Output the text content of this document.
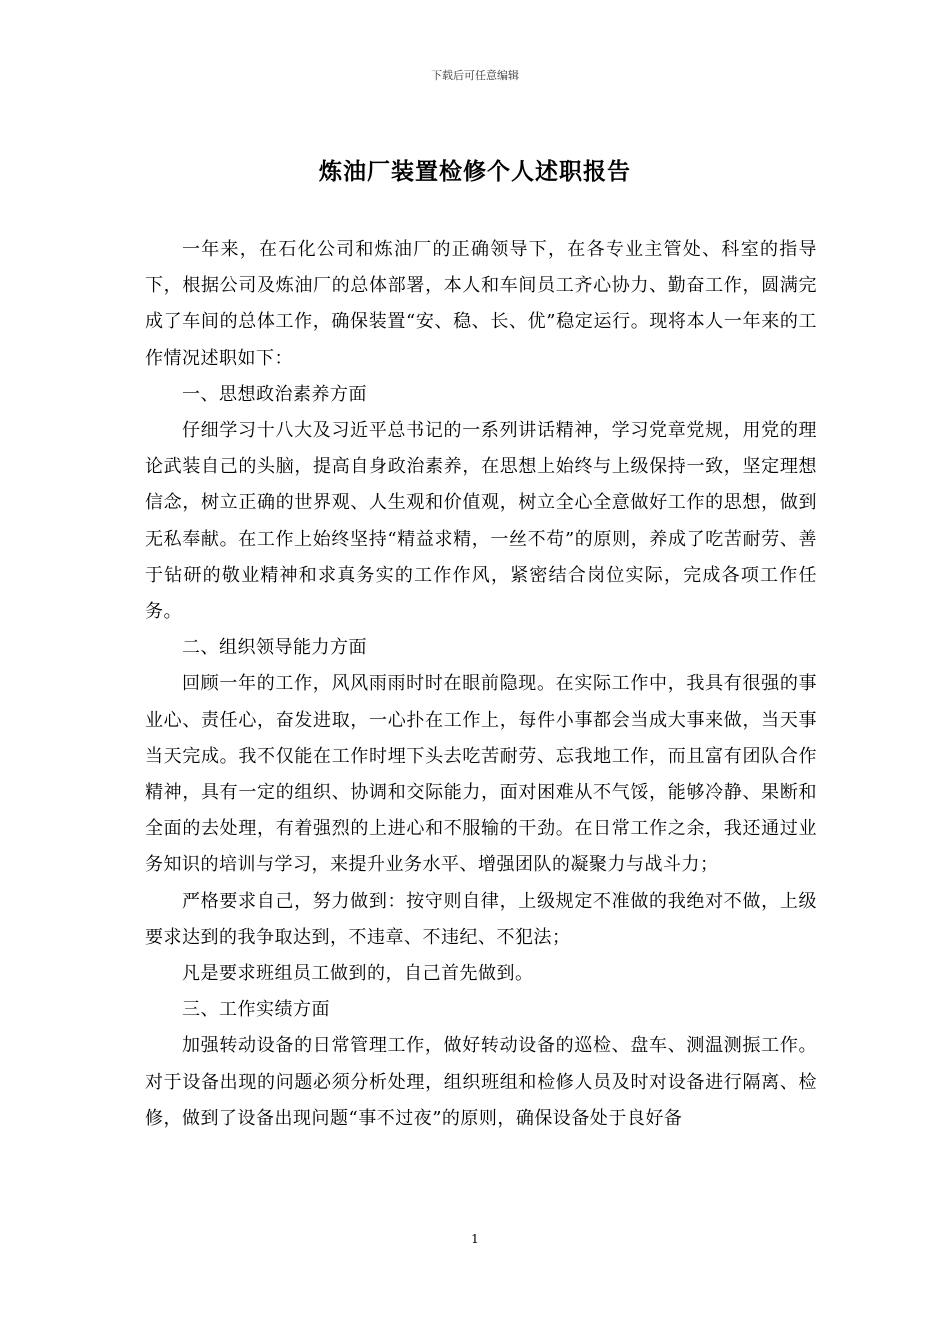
下载后可任意编辑
炼油厂装置检修个人述职报告

一年来，在石化公司和炼油厂的正确领导下，在各专业主管处、科室的指导下，根据公司及炼油厂的总体部署，本人和车间员工齐心协力、勤奋工作，圆满完成了车间的总体工作，确保装置“安、稳、长、优”稳定运行。现将本人一年来的工作情况述职如下：

一、思想政治素养方面

仔细学习十八大及习近平总书记的一系列讲话精神，学习党章党规，用党的理论武装自己的头脑，提高自身政治素养，在思想上始终与上级保持一致，坚定理想信念，树立正确的世界观、人生观和价值观，树立全心全意做好工作的思想，做到无私奉献。在工作上始终坚持“精益求精，一丝不苟”的原则，养成了吃苦耐劳、善于钻研的敬业精神和求真务实的工作作风，紧密结合岗位实际，完成各项工作任务。

二、组织领导能力方面

回顾一年的工作，风风雨雨时时在眼前隐现。在实际工作中，我具有很强的事业心、责任心，奋发进取，一心扑在工作上，每件小事都会当成大事来做，当天事当天完成。我不仅能在工作时埋下头去吃苦耐劳、忘我地工作，而且富有团队合作精神，具有一定的组织、协调和交际能力，面对困难从不气馁，能够冷静、果断和全面的去处理，有着强烈的上进心和不服输的干劲。在日常工作之余，我还通过业务知识的培训与学习，来提升业务水平、增强团队的凝聚力与战斗力；

严格要求自己，努力做到：按守则自律，上级规定不准做的我绝对不做，上级要求达到的我争取达到，不违章、不违纪、不犯法；

凡是要求班组员工做到的，自己首先做到。

三、工作实绩方面

加强转动设备的日常管理工作，做好转动设备的巡检、盘车、测温测振工作。对于设备出现的问题必须分析处理，组织班组和检修人员及时对设备进行隔离、检修，做到了设备出现问题“事不过夜”的原则，确保设备处于良好备

1
